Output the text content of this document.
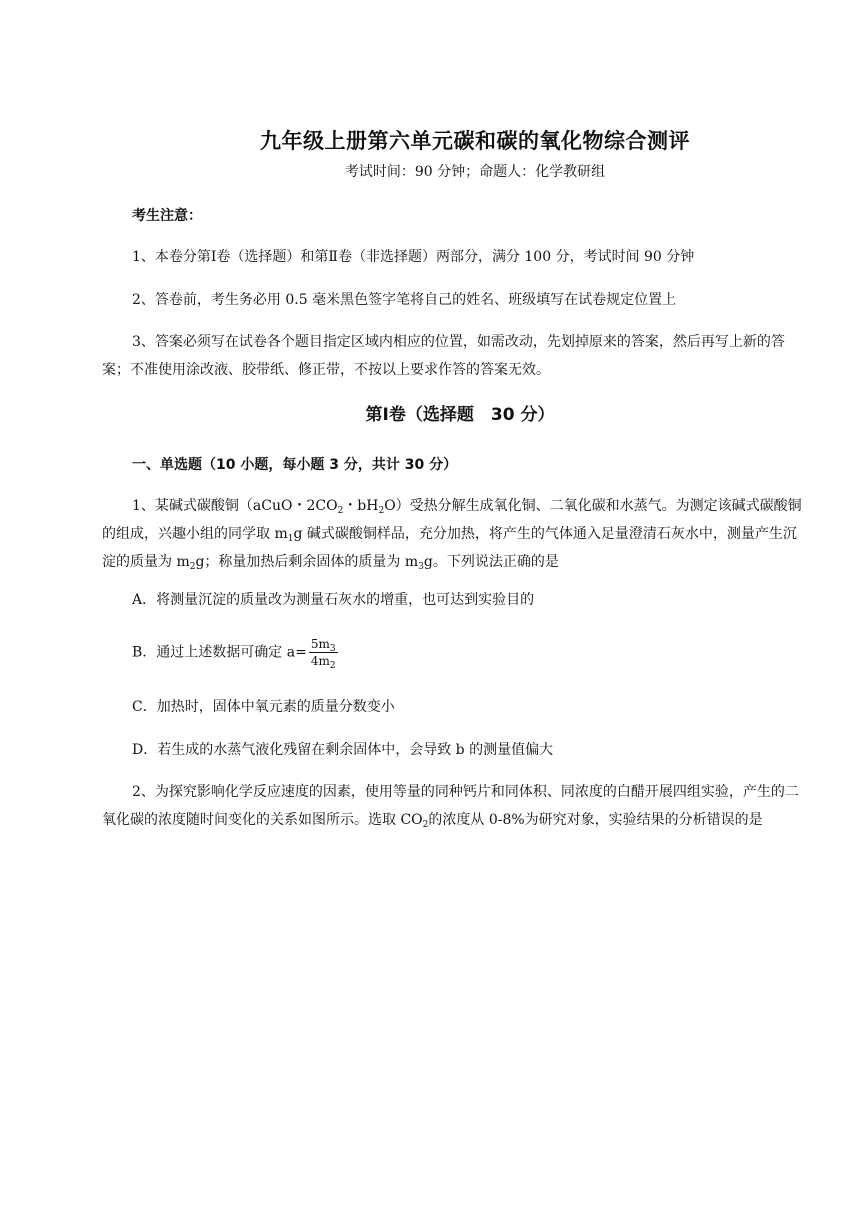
九年级上册第六单元碳和碳的氧化物综合测评
考试时间：90 分钟；命题人：化学教研组
考生注意：
1、本卷分第Ⅰ卷（选择题）和第Ⅱ卷（非选择题）两部分，满分 100 分，考试时间 90 分钟
2、答卷前，考生务必用 0.5 毫米黑色签字笔将自己的姓名、班级填写在试卷规定位置上
3、答案必须写在试卷各个题目指定区域内相应的位置，如需改动，先划掉原来的答案，然后再写上新的答案；不准使用涂改液、胶带纸、修正带，不按以上要求作答的答案无效。
第Ⅰ卷（选择题　30 分）
一、单选题（10 小题，每小题 3 分，共计 30 分）
1、某碱式碳酸铜（aCuO・$2CO_2$・$bH_2O$）受热分解生成氧化铜、二氧化碳和水蒸气。为测定该碱式碳酸铜的组成，兴趣小组的同学取 $m_1g$ 碱式碳酸铜样品，充分加热，将产生的气体通入足量澄清石灰水中，测量产生沉淀的质量为 $m_2g$；称量加热后剩余固体的质量为 $m_3g$。下列说法正确的是
A．将测量沉淀的质量改为测量石灰水的增重，也可达到实验目的
B．通过上述数据可确定 $a= \frac{5m_3}{4m_2}$
C．加热时，固体中氧元素的质量分数变小
D．若生成的水蒸气液化残留在剩余固体中，会导致 b 的测量值偏大
2、为探究影响化学反应速度的因素，使用等量的同种钙片和同体积、同浓度的白醋开展四组实验，产生的二氧化碳的浓度随时间变化的关系如图所示。选取 $CO_2$的浓度从 0-8%为研究对象，实验结果的分析错误的是
